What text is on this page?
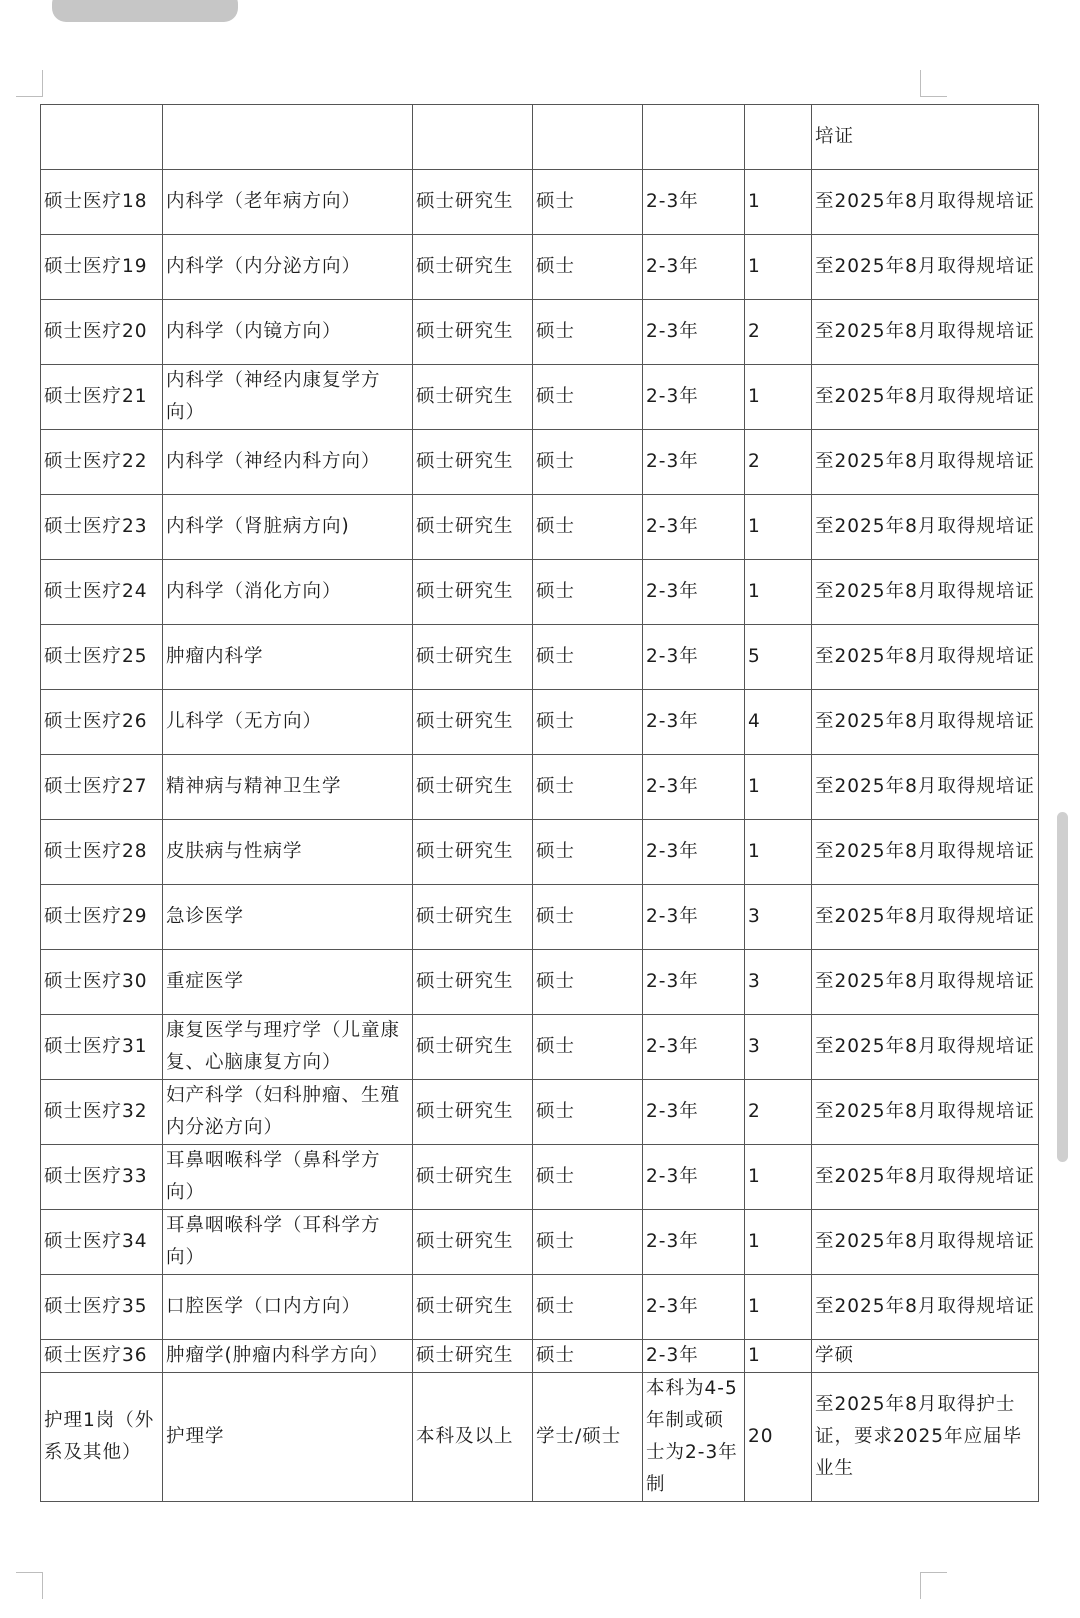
						培证
硕士医疗18	内科学（老年病方向）	硕士研究生	硕士	2-3年	1	至2025年8月取得规培证
硕士医疗19	内科学（内分泌方向）	硕士研究生	硕士	2-3年	1	至2025年8月取得规培证
硕士医疗20	内科学（内镜方向）	硕士研究生	硕士	2-3年	2	至2025年8月取得规培证
硕士医疗21	内科学（神经内康复学方向）	硕士研究生	硕士	2-3年	1	至2025年8月取得规培证
硕士医疗22	内科学（神经内科方向）	硕士研究生	硕士	2-3年	2	至2025年8月取得规培证
硕士医疗23	内科学（肾脏病方向)	硕士研究生	硕士	2-3年	1	至2025年8月取得规培证
硕士医疗24	内科学（消化方向）	硕士研究生	硕士	2-3年	1	至2025年8月取得规培证
硕士医疗25	肿瘤内科学	硕士研究生	硕士	2-3年	5	至2025年8月取得规培证
硕士医疗26	儿科学（无方向）	硕士研究生	硕士	2-3年	4	至2025年8月取得规培证
硕士医疗27	精神病与精神卫生学	硕士研究生	硕士	2-3年	1	至2025年8月取得规培证
硕士医疗28	皮肤病与性病学	硕士研究生	硕士	2-3年	1	至2025年8月取得规培证
硕士医疗29	急诊医学	硕士研究生	硕士	2-3年	3	至2025年8月取得规培证
硕士医疗30	重症医学	硕士研究生	硕士	2-3年	3	至2025年8月取得规培证
硕士医疗31	康复医学与理疗学（儿童康复、心脑康复方向）	硕士研究生	硕士	2-3年	3	至2025年8月取得规培证
硕士医疗32	妇产科学（妇科肿瘤、生殖内分泌方向）	硕士研究生	硕士	2-3年	2	至2025年8月取得规培证
硕士医疗33	耳鼻咽喉科学（鼻科学方向）	硕士研究生	硕士	2-3年	1	至2025年8月取得规培证
硕士医疗34	耳鼻咽喉科学（耳科学方向）	硕士研究生	硕士	2-3年	1	至2025年8月取得规培证
硕士医疗35	口腔医学（口内方向）	硕士研究生	硕士	2-3年	1	至2025年8月取得规培证
硕士医疗36	肿瘤学(肿瘤内科学方向）	硕士研究生	硕士	2-3年	1	学硕
护理1岗（外系及其他）	护理学	本科及以上	学士/硕士	本科为4-5年制或硕士为2-3年制	20	至2025年8月取得护士证，要求2025年应届毕业生
